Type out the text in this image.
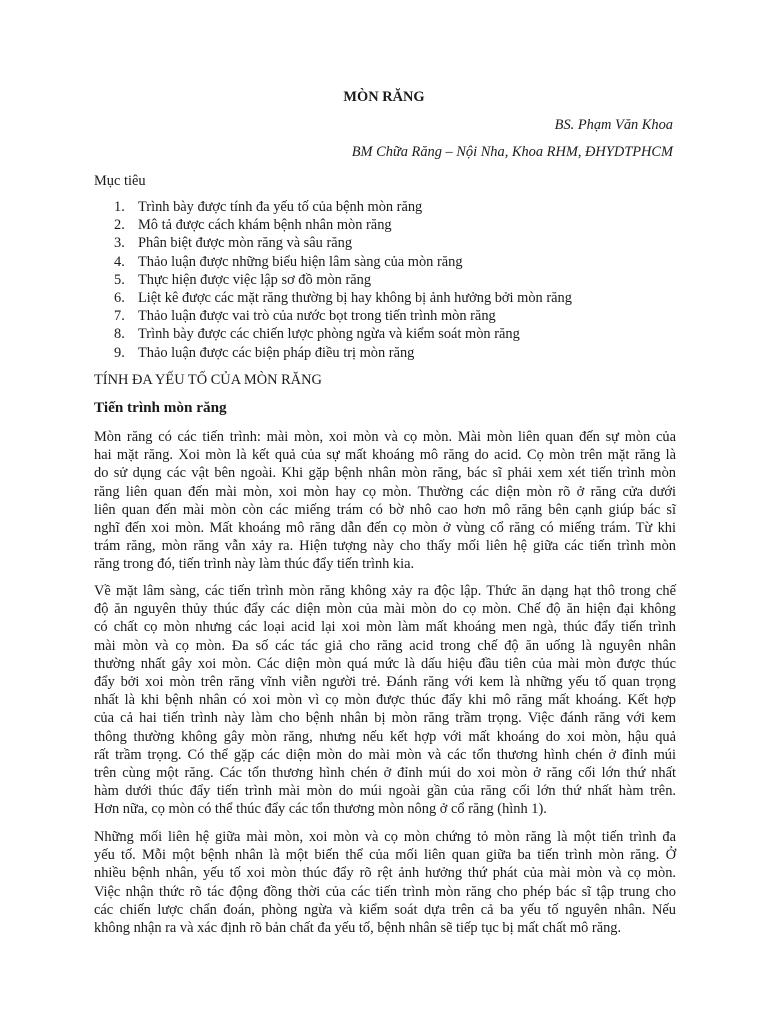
MÒN RĂNG
BS. Phạm Văn Khoa
BM Chữa Răng – Nội Nha, Khoa RHM, ĐHYDTPHCM
Mục tiêu
1. Trình bày được tính đa yếu tố của bệnh mòn răng
2. Mô tả được cách khám bệnh nhân mòn răng
3. Phân biệt được mòn răng và sâu răng
4. Thảo luận được những biểu hiện lâm sàng của mòn răng
5. Thực hiện được việc lập sơ đồ mòn răng
6. Liệt kê được các mặt răng thường bị hay không bị ảnh hưởng bởi mòn răng
7. Thảo luận được vai trò của nước bọt trong tiến trình mòn răng
8. Trình bày được các chiến lược phòng ngừa và kiểm soát mòn răng
9. Thảo luận được các biện pháp điều trị mòn răng
TÍNH ĐA YẾU TỐ CỦA MÒN RĂNG
Tiến trình mòn răng
Mòn răng có các tiến trình: mài mòn, xoi mòn và cọ mòn. Mài mòn liên quan đến sự mòn của
hai mặt răng. Xoi mòn là kết quả của sự mất khoáng mô răng do acid. Cọ mòn trên mặt răng là
do sử dụng các vật bên ngoài. Khi gặp bệnh nhân mòn răng, bác sĩ phải xem xét tiến trình mòn
răng liên quan đến mài mòn, xoi mòn hay cọ mòn. Thường các diện mòn rõ ở răng cửa dưới
liên quan đến mài mòn còn các miếng trám có bờ nhô cao hơn mô răng bên cạnh giúp bác sĩ
nghĩ đến xoi mòn. Mất khoáng mô răng dẫn đến cọ mòn ở vùng cổ răng có miếng trám. Từ khi
trám răng, mòn răng vẫn xảy ra. Hiện tượng này cho thấy mối liên hệ giữa các tiến trình mòn
răng trong đó, tiến trình này làm thúc đẩy tiến trình kia.
Về mặt lâm sàng, các tiến trình mòn răng không xảy ra độc lập. Thức ăn dạng hạt thô trong chế
độ ăn nguyên thủy thúc đẩy các diện mòn của mài mòn do cọ mòn. Chế độ ăn hiện đại không
có chất cọ mòn nhưng các loại acid lại xoi mòn làm mất khoáng men ngà, thúc đẩy tiến trình
mài mòn và cọ mòn. Đa số các tác giả cho răng acid trong chế độ ăn uống là nguyên nhân
thường nhất gây xoi mòn. Các diện mòn quá mức là dấu hiệu đầu tiên của mài mòn được thúc
đẩy bởi xoi mòn trên răng vĩnh viễn người trẻ. Đánh răng với kem là những yếu tố quan trọng
nhất là khi bệnh nhân có xoi mòn vì cọ mòn được thúc đẩy khi mô răng mất khoáng. Kết hợp
của cả hai tiến trình này làm cho bệnh nhân bị mòn răng trầm trọng. Việc đánh răng với kem
thông thường không gây mòn răng, nhưng nếu kết hợp với mất khoáng do xoi mòn, hậu quả
rất trầm trọng. Có thể gặp các diện mòn do mài mòn và các tổn thương hình chén ở đỉnh múi
trên cùng một răng. Các tổn thương hình chén ở đỉnh múi do xoi mòn ở răng cối lớn thứ nhất
hàm dưới thúc đẩy tiến trình mài mòn do múi ngoài gần của răng cối lớn thứ nhất hàm trên.
Hơn nữa, cọ mòn có thể thúc đẩy các tổn thương mòn nông ở cổ răng (hình 1).
Những mối liên hệ giữa mài mòn, xoi mòn và cọ mòn chứng tỏ mòn răng là một tiến trình đa
yếu tố. Mỗi một bệnh nhân là một biến thể của mối liên quan giữa ba tiến trình mòn răng. Ở
nhiều bệnh nhân, yếu tố xoi mòn thúc đẩy rõ rệt ảnh hưởng thứ phát của mài mòn và cọ mòn.
Việc nhận thức rõ tác động đồng thời của các tiến trình mòn răng cho phép bác sĩ tập trung cho
các chiến lược chẩn đoán, phòng ngừa và kiểm soát dựa trên cả ba yếu tố nguyên nhân. Nếu
không nhận ra và xác định rõ bản chất đa yếu tố, bệnh nhân sẽ tiếp tục bị mất chất mô răng.
